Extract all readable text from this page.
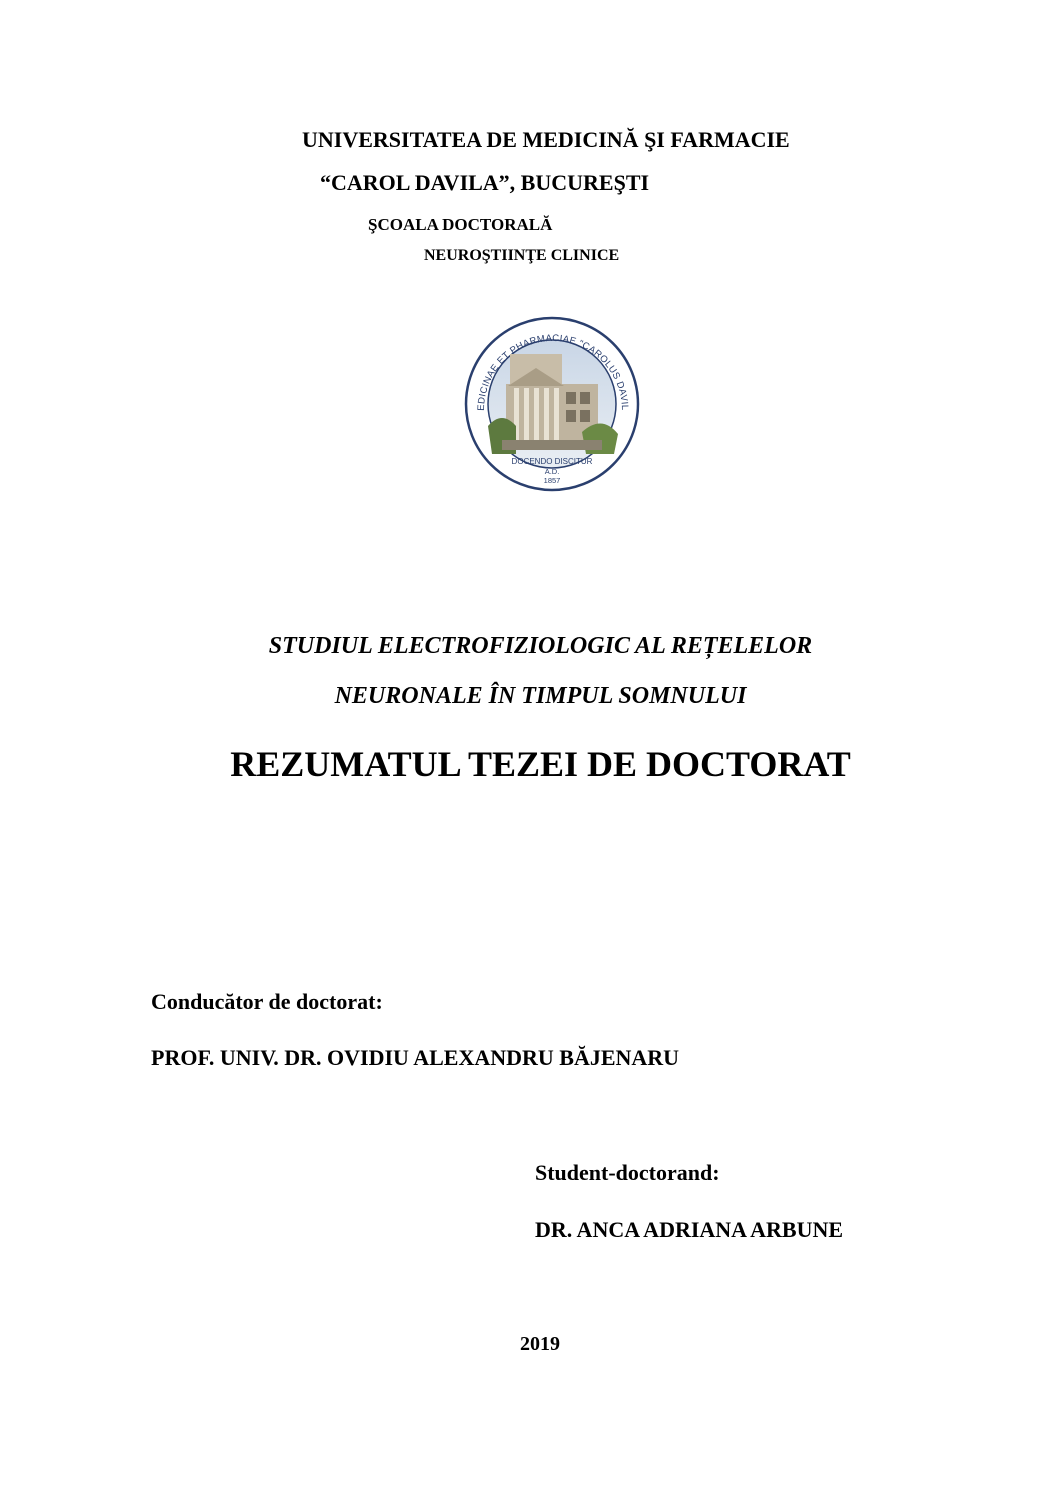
UNIVERSITATEA DE MEDICINĂ ŞI FARMACIE
“CAROL DAVILA”, BUCUREŞTI
ŞCOALA DOCTORALĂ
NEUROŞTIINŢE CLINICE
EDICINAE ET PHARMACIAE "CAROLUS DAVIL
DOCENDO DISCITUR
A.D.
1857
STUDIUL ELECTROFIZIOLOGIC AL REȚELELOR
NEURONALE ÎN TIMPUL SOMNULUI
REZUMATUL TEZEI DE DOCTORAT
Conducător de doctorat:
PROF. UNIV. DR. OVIDIU ALEXANDRU BĂJENARU
Student-doctorand:
DR. ANCA ADRIANA ARBUNE
2019
